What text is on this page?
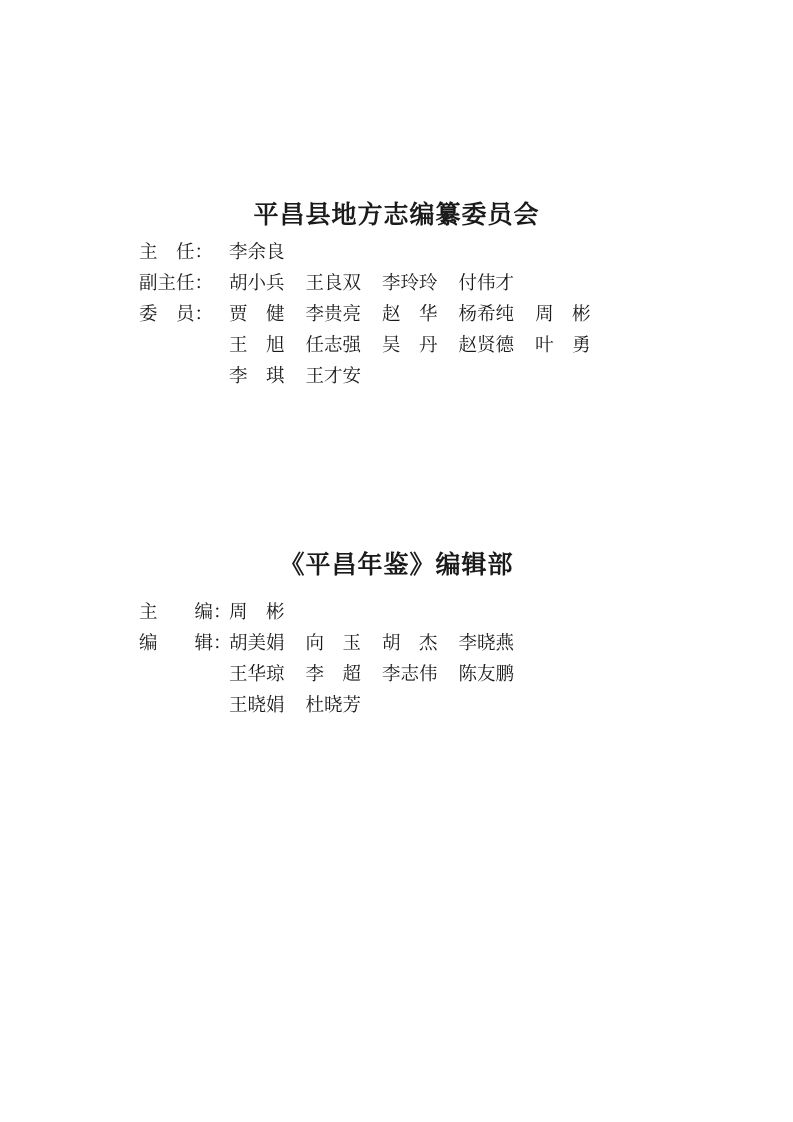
平昌县地方志编纂委员会
主　任： 李余良
副主任： 胡小兵 王良双 李玲玲 付伟才
委　员： 贾　健 李贵亮 赵　华 杨希纯 周　彬
王　旭 任志强 吴　丹 赵贤德 叶　勇
李　琪 王才安
《平昌年鉴》编辑部
主　　编：
周　彬
编　　辑：
胡美娟 向　玉 胡　杰 李晓燕
王华琼 李　超 李志伟 陈友鹏
王晓娟 杜晓芳
